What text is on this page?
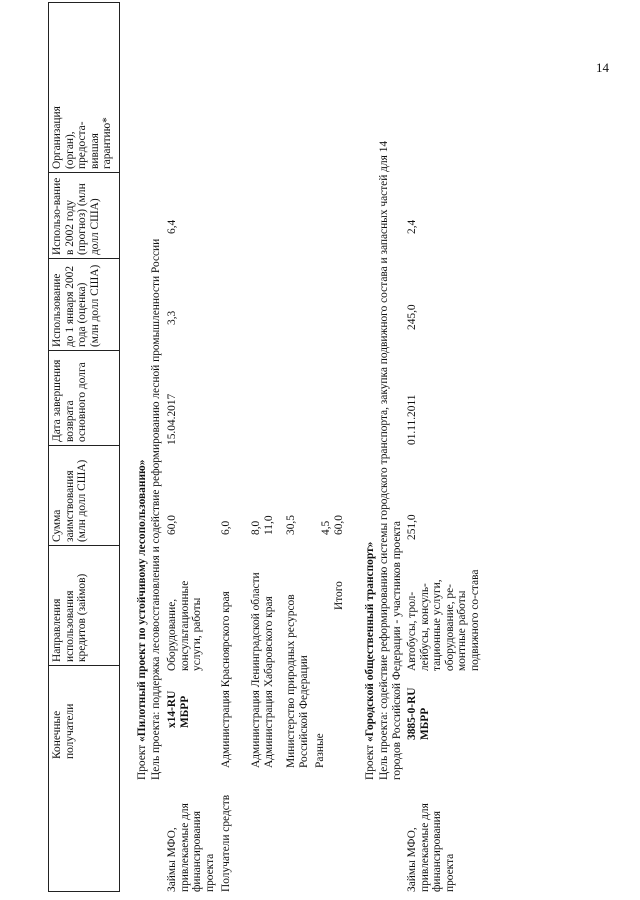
14
Конечные получатели
Направления использования кредитов (займов)
Сумма заимствования (млн долл США)
Дата завершения возврата основного долга
Использование до 1 января 2002 года (оценка) (млн долл США)
Использо-вание в 2002 году (прогноз) (млн долл США)
Организация (орган), предоста-вившая гарантию*
Проект «Пилотный проект по устойчивому лесопользованию» Цель проекта: поддержка лесовосстановления и содействие реформированию лесной промышленности России
Займы МФО, привлекаемые для финансирования проекта
x14-RU МБРР
Оборудование, консультационные услуги, работы
60,0
15.04.2017
3,3
6,4
Получатели средств
Администрация Красноярского края
6,0
Администрация Ленинградской области
8,0
Администрация Хабаровского края
11,0
Министерство природных ресурсов Российской Федерации
30,5
Разные
4,5
Итого
60,0
Проект «Городской общественный транспорт» Цель проекта: содействие реформированию системы городского транспорта, закупка подвижного состава и запасных частей для 14 городов Российской Федерации - участников проекта
Займы МФО, привлекаемые для финансирования проекта
3885-0-RU МБРР
Автобусы, трол-лейбусы, консуль-тационные услуги, оборудование, ре-монтные работы подвижного со-става
251,0
01.11.2011
245,0
2,4
